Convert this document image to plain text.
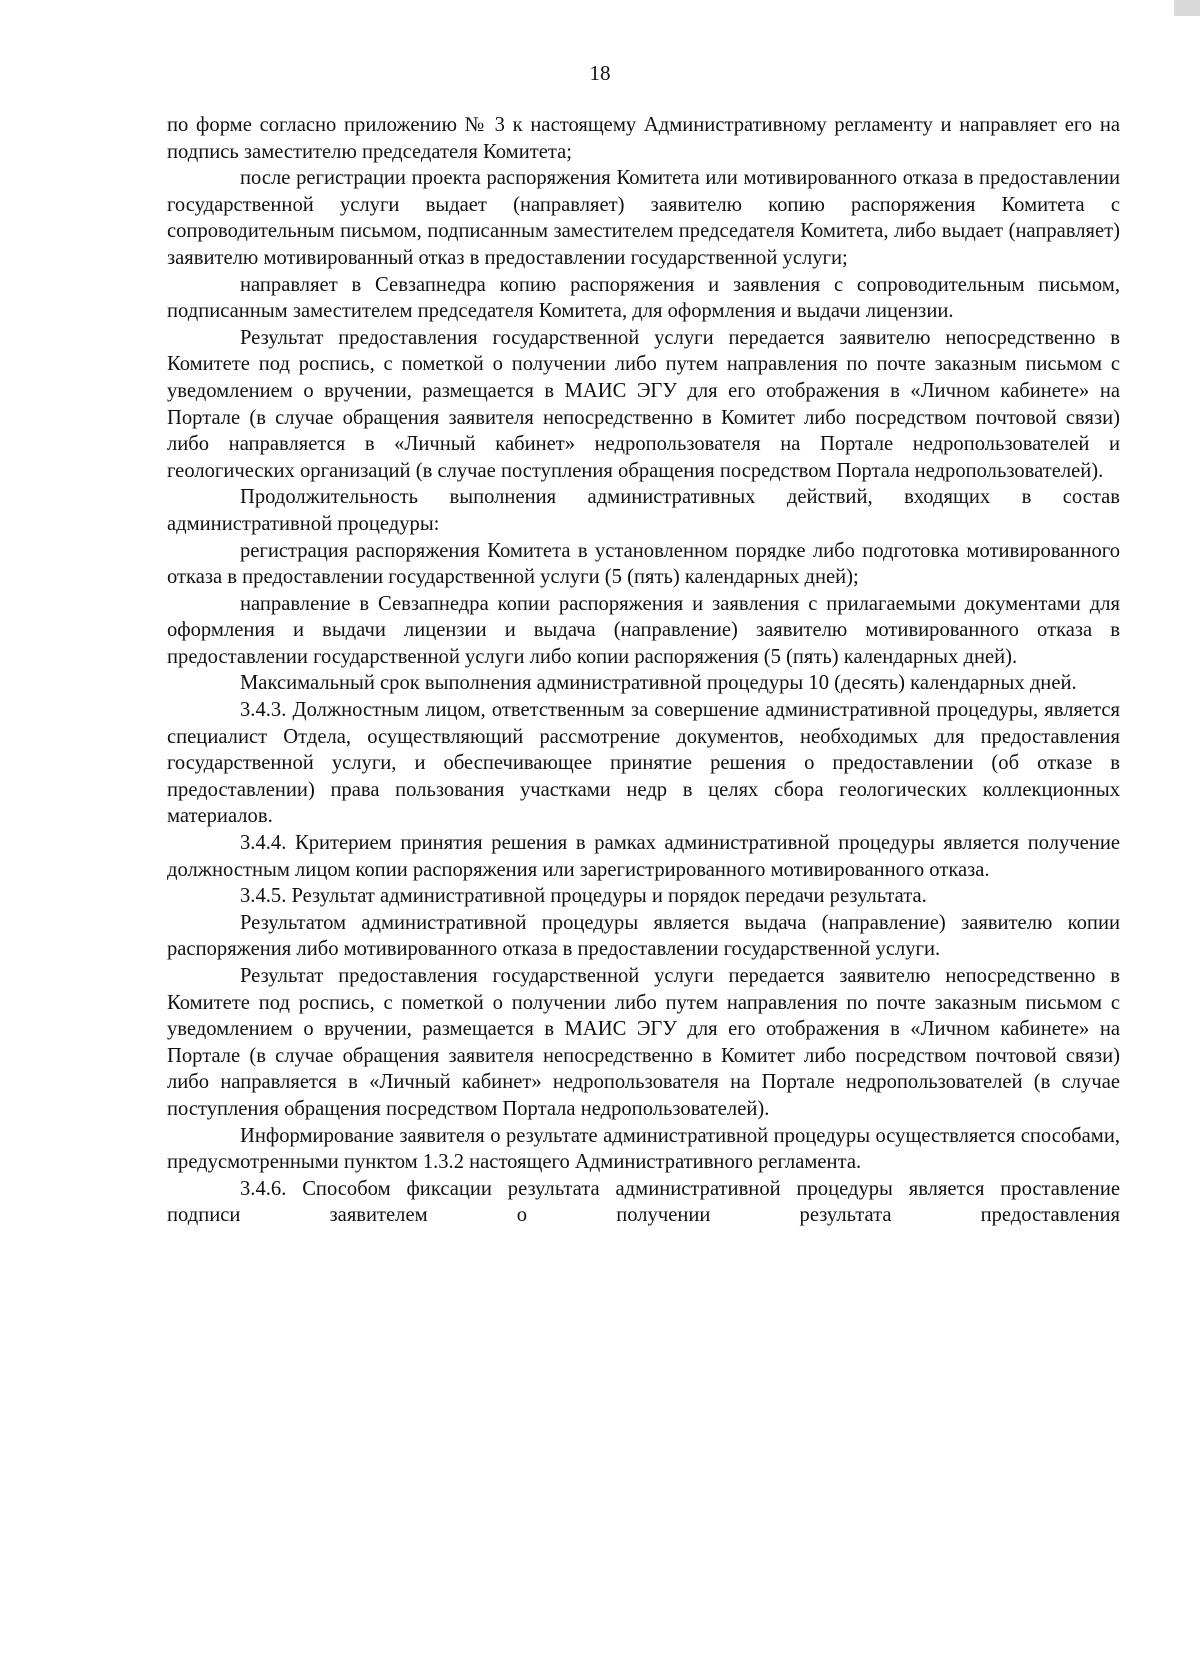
18

по форме согласно приложению № 3 к настоящему Административному регламенту и направляет его на подпись заместителю председателя Комитета;

после регистрации проекта распоряжения Комитета или мотивированного отказа в предоставлении государственной услуги выдает (направляет) заявителю копию распоряжения Комитета с сопроводительным письмом, подписанным заместителем председателя Комитета, либо выдает (направляет) заявителю мотивированный отказ в предоставлении государственной услуги;

направляет в Севзапнедра копию распоряжения и заявления с сопроводительным письмом, подписанным заместителем председателя Комитета, для оформления и выдачи лицензии.

Результат предоставления государственной услуги передается заявителю непосредственно в Комитете под роспись, с пометкой о получении либо путем направления по почте заказным письмом с уведомлением о вручении, размещается в МАИС ЭГУ для его отображения в «Личном кабинете» на Портале (в случае обращения заявителя непосредственно в Комитет либо посредством почтовой связи) либо направляется в «Личный кабинет» недропользователя на Портале недропользователей и геологических организаций (в случае поступления обращения посредством Портала недропользователей).

Продолжительность выполнения административных действий, входящих в состав административной процедуры:

регистрация распоряжения Комитета в установленном порядке либо подготовка мотивированного отказа в предоставлении государственной услуги (5 (пять) календарных дней);

направление в Севзапнедра копии распоряжения и заявления с прилагаемыми документами для оформления и выдачи лицензии и выдача (направление) заявителю мотивированного отказа в предоставлении государственной услуги либо копии распоряжения (5 (пять) календарных дней).

Максимальный срок выполнения административной процедуры 10 (десять) календарных дней.

3.4.3. Должностным лицом, ответственным за совершение административной процедуры, является специалист Отдела, осуществляющий рассмотрение документов, необходимых для предоставления государственной услуги, и обеспечивающее принятие решения о предоставлении (об отказе в предоставлении) права пользования участками недр в целях сбора геологических коллекционных материалов.

3.4.4. Критерием принятия решения в рамках административной процедуры является получение должностным лицом копии распоряжения или зарегистрированного мотивированного отказа.

3.4.5. Результат административной процедуры и порядок передачи результата.

Результатом административной процедуры является выдача (направление) заявителю копии распоряжения либо мотивированного отказа в предоставлении государственной услуги.

Результат предоставления государственной услуги передается заявителю непосредственно в Комитете под роспись, с пометкой о получении либо путем направления по почте заказным письмом с уведомлением о вручении, размещается в МАИС ЭГУ для его отображения в «Личном кабинете» на Портале (в случае обращения заявителя непосредственно в Комитет либо посредством почтовой связи) либо направляется в «Личный кабинет» недропользователя на Портале недропользователей (в случае поступления обращения посредством Портала недропользователей).

Информирование заявителя о результате административной процедуры осуществляется способами, предусмотренными пунктом 1.3.2 настоящего Административного регламента.

3.4.6. Способом фиксации результата административной процедуры является проставление подписи заявителем о получении результата предоставления
